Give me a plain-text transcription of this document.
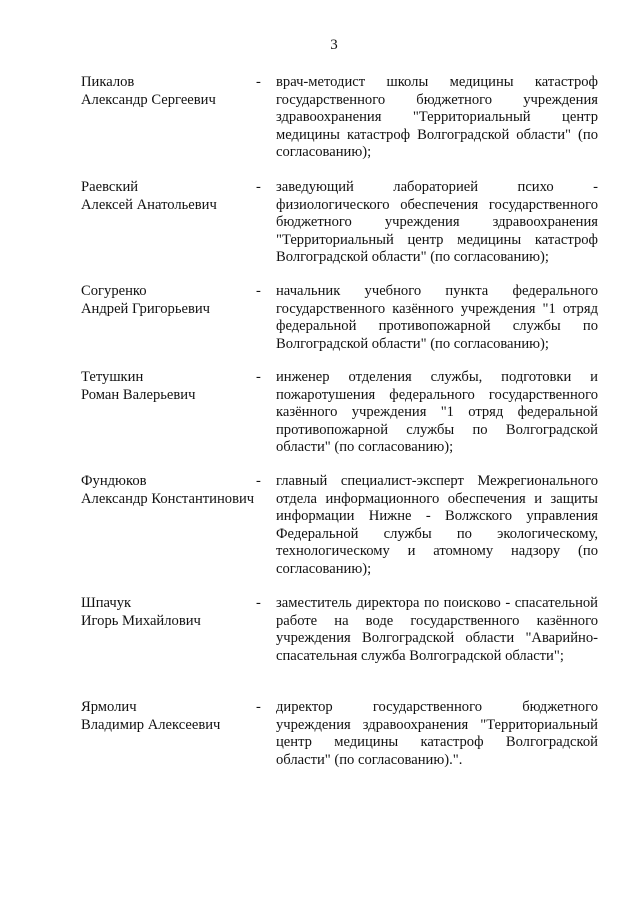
3
Пикалов
Александр Сергеевич
- врач-методист школы медицины катастроф государственного бюджетного учреждения здравоохранения "Территориальный центр медицины катастроф Волгоградской области" (по согласованию);
Раевский
Алексей Анатольевич
- заведующий лабораторией психо - физиологического обеспечения государственного бюджетного учреждения здравоохранения "Территориальный центр медицины катастроф Волгоградской области" (по согласованию);
Согуренко
Андрей Григорьевич
- начальник учебного пункта федерального государственного казённого учреждения "1 отряд федеральной противопожарной службы по Волгоградской области" (по согласованию);
Тетушкин
Роман Валерьевич
- инженер отделения службы, подготовки и пожаротушения федерального государственного казённого учреждения "1 отряд федеральной противопожарной службы по Волгоградской области" (по согласованию);
Фундюков
Александр Константинович
- главный специалист-эксперт Межрегионального отдела информационного обеспечения и защиты информации Нижне - Волжского управления Федеральной службы по экологическому, технологическому и атомному надзору (по согласованию);
Шпачук
Игорь Михайлович
- заместитель директора по поисково - спасательной работе на воде государственного казённого учреждения Волгоградской области "Аварийно-спасательная служба Волгоградской области";
Ярмолич
Владимир Алексеевич
- директор государственного бюджетного учреждения здравоохранения "Территориальный центр медицины катастроф Волгоградской области" (по согласованию).".
